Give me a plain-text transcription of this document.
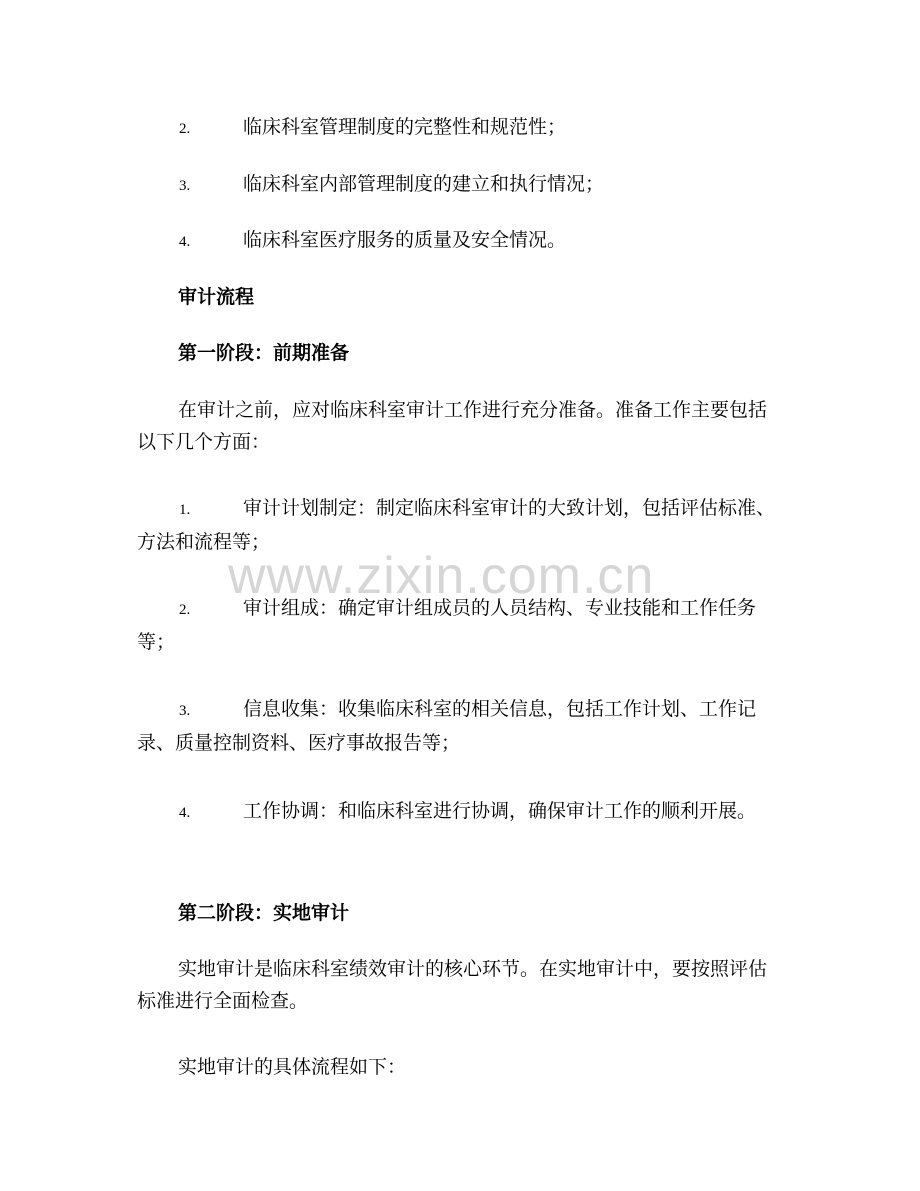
2.	临床科室管理制度的完整性和规范性；
3.	临床科室内部管理制度的建立和执行情况；
4.	临床科室医疗服务的质量及安全情况。
审计流程
第一阶段：前期准备
在审计之前，应对临床科室审计工作进行充分准备。准备工作主要包括以下几个方面：
1.	审计计划制定：制定临床科室审计的大致计划，包括评估标准、方法和流程等；
2.	审计组成：确定审计组成员的人员结构、专业技能和工作任务等；
3.	信息收集：收集临床科室的相关信息，包括工作计划、工作记录、质量控制资料、医疗事故报告等；
4.	工作协调：和临床科室进行协调，确保审计工作的顺利开展。
第二阶段：实地审计
实地审计是临床科室绩效审计的核心环节。在实地审计中，要按照评估标准进行全面检查。
实地审计的具体流程如下：
www.zixin.com.cn
